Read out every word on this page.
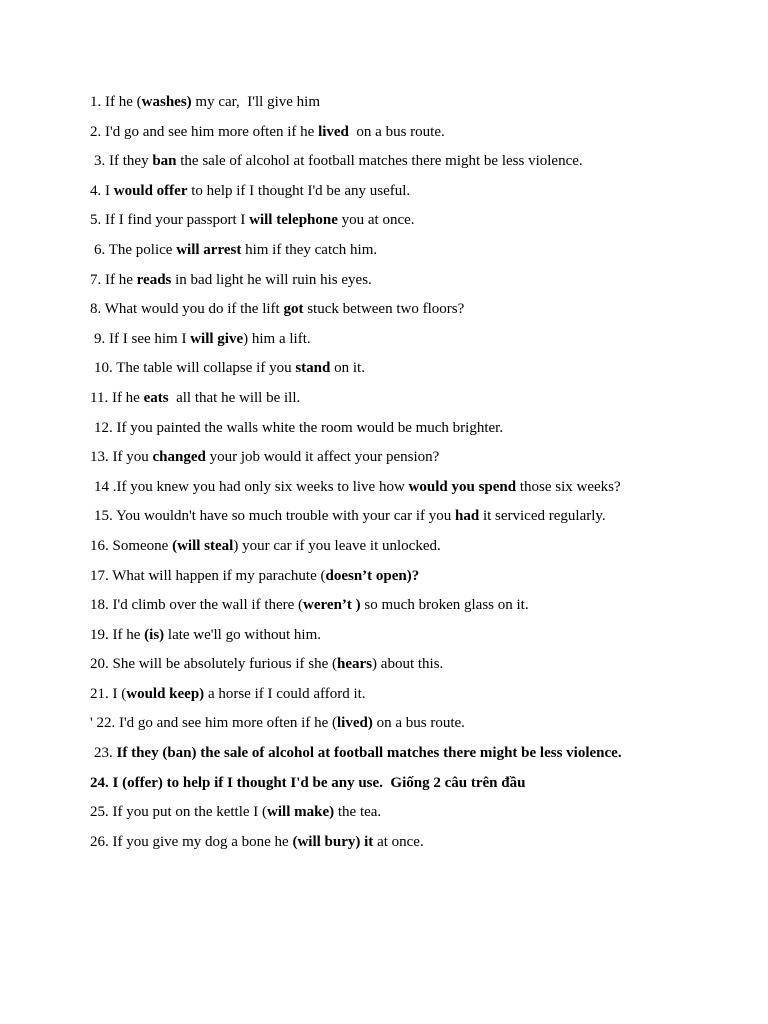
1. If he (washes) my car,  I'll give him
2. I'd go and see him more often if he lived  on a bus route.
3. If they ban the sale of alcohol at football matches there might be less violence.
4. I would offer to help if I thought I'd be any useful.
5. If I find your passport I will telephone you at once.
6. The police will arrest him if they catch him.
7. If he reads in bad light he will ruin his eyes.
8. What would you do if the lift got stuck between two floors?
9. If I see him I will give) him a lift.
10. The table will collapse if you stand on it.
11. If he eats  all that he will be ill.
12. If you painted the walls white the room would be much brighter.
13. If you changed your job would it affect your pension?
14 .If you knew you had only six weeks to live how would you spend those six weeks?
15. You wouldn't have so much trouble with your car if you had it serviced regularly.
16. Someone (will steal) your car if you leave it unlocked.
17. What will happen if my parachute (doesn’t open)?
18. I'd climb over the wall if there (weren’t ) so much broken glass on it.
19. If he (is) late we'll go without him.
20. She will be absolutely furious if she (hears) about this.
21. I (would keep) a horse if I could afford it.
' 22. I'd go and see him more often if he (lived) on a bus route.
23. If they (ban) the sale of alcohol at football matches there might be less violence.
24. I (offer) to help if I thought I'd be any use.  Giống 2 câu trên đầu
25. If you put on the kettle I (will make) the tea.
26. If you give my dog a bone he (will bury) it at once.
